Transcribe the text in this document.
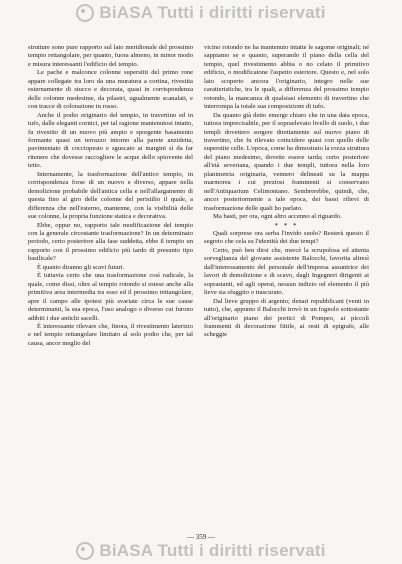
BiASA Tutti i diritti riservati

strutture sono pure rapporto sul lato meridionale del prossimo tempio rettangolare, per quanto, fuora almeno, in minor modo e misura interessanti l'edificio del tempio.

Le pache e malconce colonne superstiti del primo rone appare collegate tra loro da una muratura a cortina, rivestita esternamente di stucco e decorata, quasi in corrispondenza delle colonne medesime, da pilastri, ugualmente scanalati, e con tracce di colorazione in rosso.

Anche il podio originario del tempio, in travertino ed in tufo, dalle eleganti cornici, per tal ragione mantenutosi intatto, fu rivestito di un nuovo più ampio e sporgente basamento formante quasi un terrazzo intorno alla parete anzidetta, pavimentato di cocciopesto e sguscato ai margini sì da far ritenere che dovesse raccogliere le acque dello spiovente del tetto.

Internamente, la trasformazione dell'antico tempio, in corrispondenza forse di un nuovo e diverso, appare nella demolizione probabile dell'antica cella e nell'allargamento di questa fino al giro delle colonne del peristilio il quale, a differenza che nell'esterno, mantenne, con la visibilità delle sue colonne, la propria funzione statica e decorativa.

Ebbe, oppur no, rapporto tale modificazione del tempio con la generale circostante trasformazione? In un determinato periodo, certo posteriore alla fase suddetta, ebbe il tempio un rapporto con il prossimo edificio più tardo di presunto tipo basilicale?

È quanto diranno gli scavi futuri.

È tuttavia certo che una trasformazione così radicale, la quale, come dissi, oltre al tempio rotondo si estese anche alla primitiva area intermedia tra esso ed il prossimo rettangolare, apre il campo alle ipotesi più svariate circa le sue cause determinanti, la sua epoca, l'uso analogo o diverso cui furono adibiti i due antichi sacelli.

È interessante rilevare che, finora, il rivestimento laterizio e nel tempio rettangolare limitato al solo podio che, per tal causa, ancor meglio del

vicino rotondo ne ha mantenuto intatte le sagome originali; né sappiamo se e quanto, superando il piano della cella del tempio, quel rivestimento abbia o no celato il primitivo edificio, o modificatone l'aspetto esteriore. Questo e, nel solo lato scoperto ancora l'originario, integro nelle sue caratteristiche, tra le quali, a differenza del prossimo tempio rotondo, la mancanza di qualsiasi elemento di travertino che interrompa la totale sua composizione di tufo.

Da quanto già detto emerge chiaro che in una data epoca, tuttora imprecisabile, per il sopraelevato livello di suolo, i due templi dovettero sorgere direttamente sul nuovo piano di travertino, che fu rilevato coincidere quasi con quello delle superstite celle. L'epoca, come ha dimostrato la rozza struttura del piano medesimo, dovette essere tarda; certo posteriore all'età severiana, quando i due templi, tuttora nella loro planimetria originaria, vennero delineati su la mappa marmorea i cui preziosi frammenti si conservano nell'Antiquarium Celimontano. Sembrerebbe, quindi, che, ancor posteriormente a tale epoca, dei bassi rilievi di trasformazione delle quali ho parlato.

Ma basti, per ora, ogni altro accenno al riguardo.

* * *

Quali sorprese ora serba l'invido suolo? Resterà questo il segreto che cela su l'identità dei due tempi?

Certo, può ben dirsi che, mercè la scrupolosa ed attenta sorveglianza del giovane assistente Balocchi, favorita altresì dall'interessamento del personale dell'impresa assuntrice dei lavori di demolizione e di scavo, dagli Ingegneri dirigenti ai soprastanti, ed agli operai, nessun indizio od elemento il più lieve sia sfuggito o trascurato.

Dal lieve gruppo di argento; denari repubblicani (venti in tutto), che, appunto il Balocchi trovò in un fognolo sottostante all'originario piano dei portici di Pompeo, ai piccoli frammenti di decorazione fittile, ai resti di epigrafe, alle scheggie

— 359 —
BiASA Tutti i diritti riservati
